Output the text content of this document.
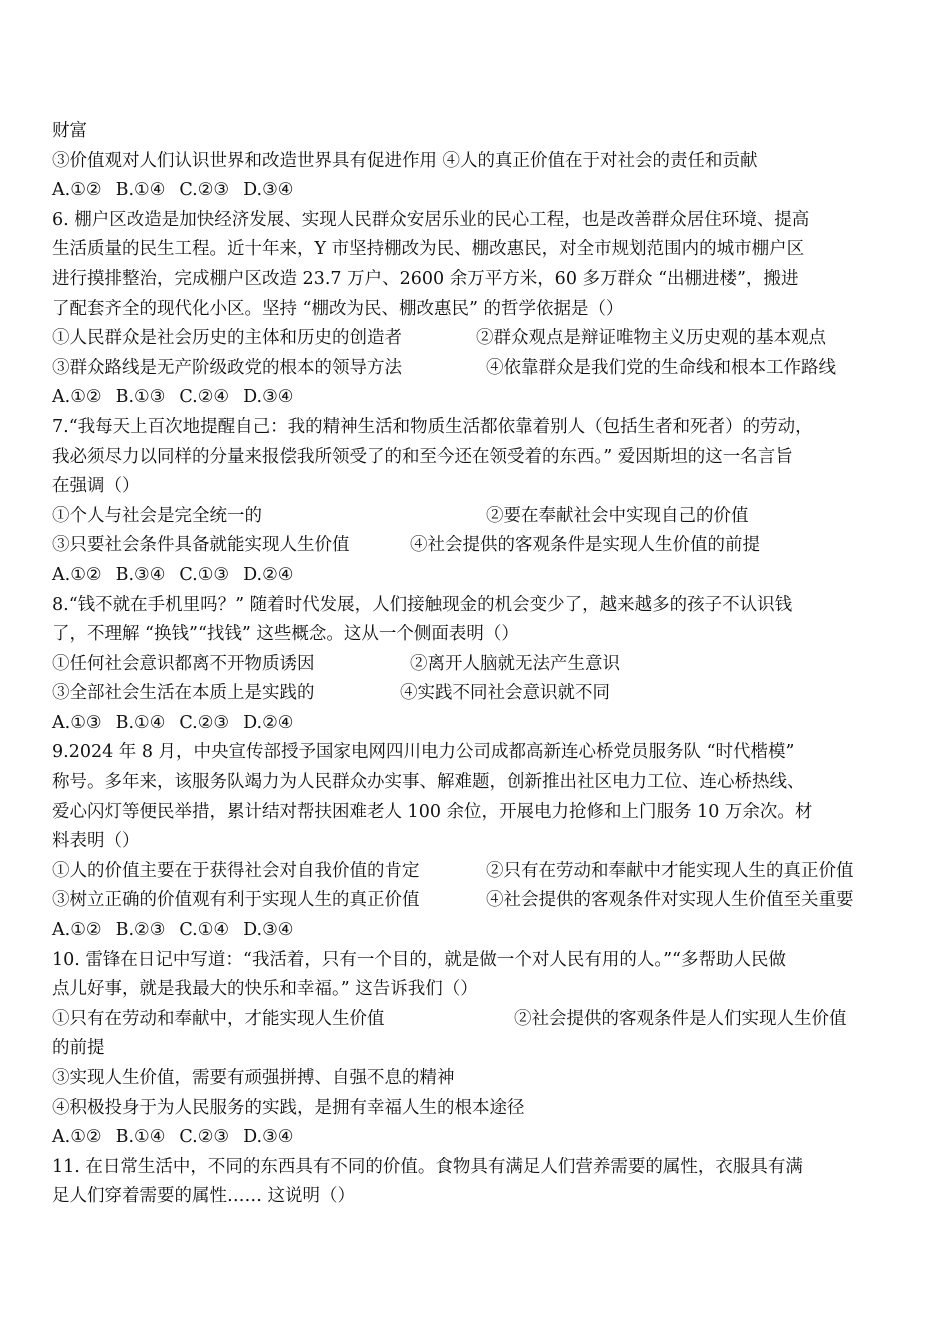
财富
③价值观对人们认识世界和改造世界具有促进作用 ④人的真正价值在于对社会的责任和贡献
A.①② B.①④ C.②③ D.③④
6. 棚户区改造是加快经济发展、实现人民群众安居乐业的民心工程，也是改善群众居住环境、提高
生活质量的民生工程。近十年来，Y 市坚持棚改为民、棚改惠民，对全市规划范围内的城市棚户区
进行摸排整治，完成棚户区改造 23.7 万户、2600 余万平方米，60 多万群众 “出棚进楼”，搬进
了配套齐全的现代化小区。坚持 “棚改为民、棚改惠民” 的哲学依据是（）
①人民群众是社会历史的主体和历史的创造者	②群众观点是辩证唯物主义历史观的基本观点
③群众路线是无产阶级政党的根本的领导方法	④依靠群众是我们党的生命线和根本工作路线
A.①② B.①③ C.②④ D.③④
7.“我每天上百次地提醒自己：我的精神生活和物质生活都依靠着别人（包括生者和死者）的劳动，
我必须尽力以同样的分量来报偿我所领受了的和至今还在领受着的东西。” 爱因斯坦的这一名言旨
在强调（）
①个人与社会是完全统一的	②要在奉献社会中实现自己的价值
③只要社会条件具备就能实现人生价值	④社会提供的客观条件是实现人生价值的前提
A.①② B.③④ C.①③ D.②④
8.“钱不就在手机里吗？” 随着时代发展，人们接触现金的机会变少了，越来越多的孩子不认识钱
了，不理解 “换钱”“找钱” 这些概念。这从一个侧面表明（）
①任何社会意识都离不开物质诱因	②离开人脑就无法产生意识
③全部社会生活在本质上是实践的	④实践不同社会意识就不同
A.①③ B.①④ C.②③ D.②④
9.2024 年 8 月，中央宣传部授予国家电网四川电力公司成都高新连心桥党员服务队 “时代楷模”
称号。多年来，该服务队竭力为人民群众办实事、解难题，创新推出社区电力工位、连心桥热线、
爱心闪灯等便民举措，累计结对帮扶困难老人 100 余位，开展电力抢修和上门服务 10 万余次。材
料表明（）
①人的价值主要在于获得社会对自我价值的肯定	②只有在劳动和奉献中才能实现人生的真正价值
③树立正确的价值观有利于实现人生的真正价值	④社会提供的客观条件对实现人生价值至关重要
A.①② B.②③ C.①④ D.③④
10. 雷锋在日记中写道：“我活着，只有一个目的，就是做一个对人民有用的人。”“多帮助人民做
点儿好事，就是我最大的快乐和幸福。” 这告诉我们（）
①只有在劳动和奉献中，才能实现人生价值	②社会提供的客观条件是人们实现人生价值
的前提
③实现人生价值，需要有顽强拼搏、自强不息的精神
④积极投身于为人民服务的实践，是拥有幸福人生的根本途径
A.①② B.①④ C.②③ D.③④
11. 在日常生活中，不同的东西具有不同的价值。食物具有满足人们营养需要的属性，衣服具有满
足人们穿着需要的属性…… 这说明（）
